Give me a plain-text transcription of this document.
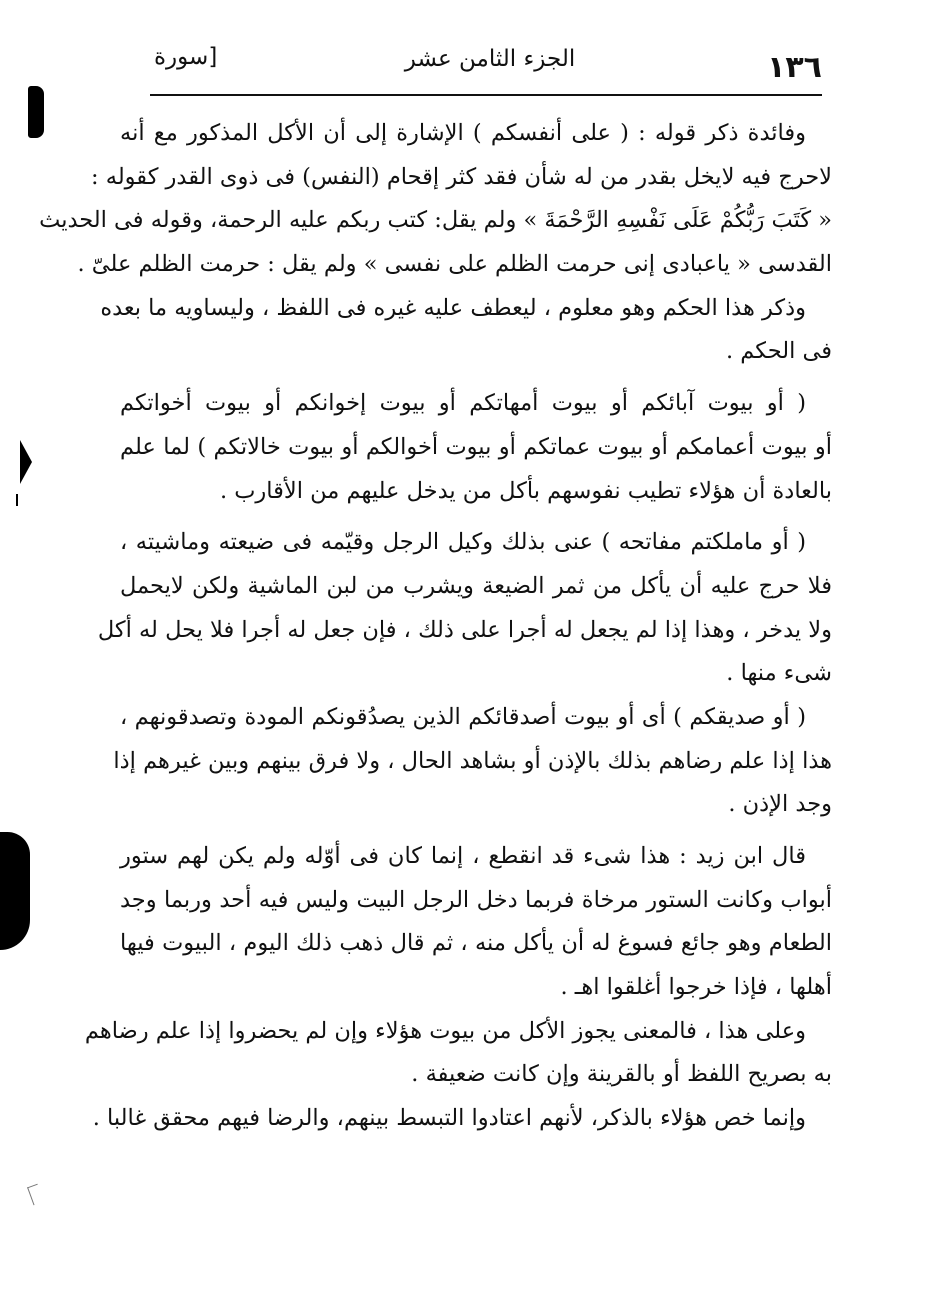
١٣٦
الجزء الثامن عشر
[سورة
وفائدة ذكر قوله : ( على أنفسكم ) الإشارة إلى أن الأكل المذكور مع أنه
لاحرج فيه لايخل بقدر من له شأن فقد كثر إقحام (النفس) فى ذوى القدر كقوله :
« كَتَبَ رَبُّكُمْ عَلَى نَفْسِهِ الرَّحْمَةَ » ولم يقل: كتب ربكم عليه الرحمة، وقوله فى الحديث
القدسى « ياعبادى إنى حرمت الظلم على نفسى » ولم يقل : حرمت الظلم علىّ .
وذكر هذا الحكم وهو معلوم ، ليعطف عليه غيره فى اللفظ ، وليساويه ما بعده
فى الحكم .
( أو بيوت آبائكم أو بيوت أمهاتكم أو بيوت إخوانكم أو بيوت أخواتكم
أو بيوت أعمامكم أو بيوت عماتكم أو بيوت أخوالكم أو بيوت خالاتكم ) لما علم
بالعادة أن هؤلاء تطيب نفوسهم بأكل من يدخل عليهم من الأقارب .
( أو ماملكتم مفاتحه ) عنى بذلك وكيل الرجل وقيّمه فى ضيعته وماشيته ،
فلا حرج عليه أن يأكل من ثمر الضيعة ويشرب من لبن الماشية ولكن لايحمل
ولا يدخر ، وهذا إذا لم يجعل له أجرا على ذلك ، فإن جعل له أجرا فلا يحل له أكل
شىء منها .
( أو صديقكم ) أى أو بيوت أصدقائكم الذين يصدُقونكم المودة وتصدقونهم ،
هذا إذا علم رضاهم بذلك بالإذن أو بشاهد الحال ، ولا فرق بينهم وبين غيرهم إذا
وجد الإذن .
قال ابن زيد : هذا شىء قد انقطع ، إنما كان فى أوّله ولم يكن لهم ستور
أبواب وكانت الستور مرخاة فربما دخل الرجل البيت وليس فيه أحد وربما وجد
الطعام وهو جائع فسوغ له أن يأكل منه ، ثم قال ذهب ذلك اليوم ، البيوت فيها
أهلها ، فإذا خرجوا أغلقوا اهـ .
وعلى هذا ، فالمعنى يجوز الأكل من بيوت هؤلاء وإن لم يحضروا إذا علم رضاهم
به بصريح اللفظ أو بالقرينة وإن كانت ضعيفة .
وإنما خص هؤلاء بالذكر، لأنهم اعتادوا التبسط بينهم، والرضا فيهم محقق غالبا .
